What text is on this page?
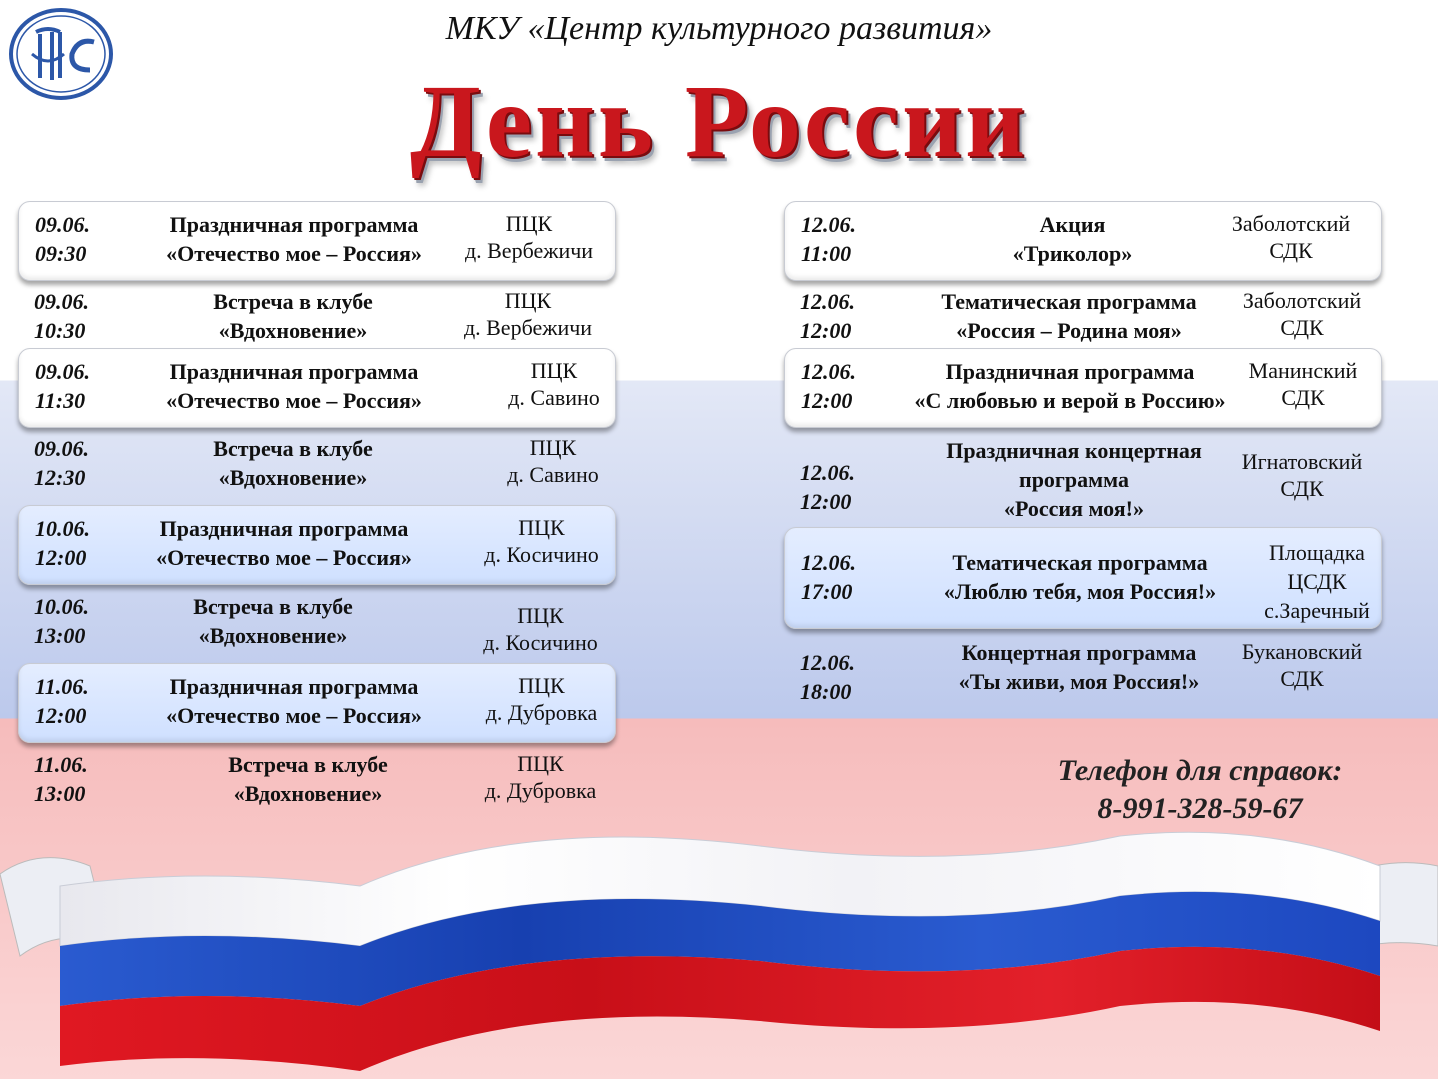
МКУ «Центр культурного развития»
День России
09.06.
09:30
Праздничная программа
«Отечество мое – Россия»
ПЦК
д. Вербежичи
09.06.
10:30
Встреча в клубе
«Вдохновение»
ПЦК
д. Вербежичи
09.06.
11:30
Праздничная программа
«Отечество мое – Россия»
ПЦК
д. Савино
09.06.
12:30
Встреча в клубе
«Вдохновение»
ПЦК
д. Савино
10.06.
12:00
Праздничная программа
«Отечество мое – Россия»
ПЦК
д. Косичино
10.06.
13:00
Встреча в клубе
«Вдохновение»
ПЦК
д. Косичино
11.06.
12:00
Праздничная программа
«Отечество мое – Россия»
ПЦК
д. Дубровка
11.06.
13:00
Встреча в клубе
«Вдохновение»
ПЦК
д. Дубровка
12.06.
11:00
Акция
«Триколор»
Заболотский
СДК
12.06.
12:00
Тематическая программа
«Россия – Родина моя»
Заболотский
СДК
12.06.
12:00
Праздничная программа
«С любовью и верой в Россию»
Манинский
СДК
12.06.
12:00
Праздничная концертная
программа
«Россия моя!»
Игнатовский
СДК
12.06.
17:00
Тематическая программа
«Люблю тебя, моя Россия!»
Площадка
ЦСДК
с.Заречный
12.06.
18:00
Концертная программа
«Ты живи, моя Россия!»
Букановский
СДК
Телефон для справок:
8-991-328-59-67
